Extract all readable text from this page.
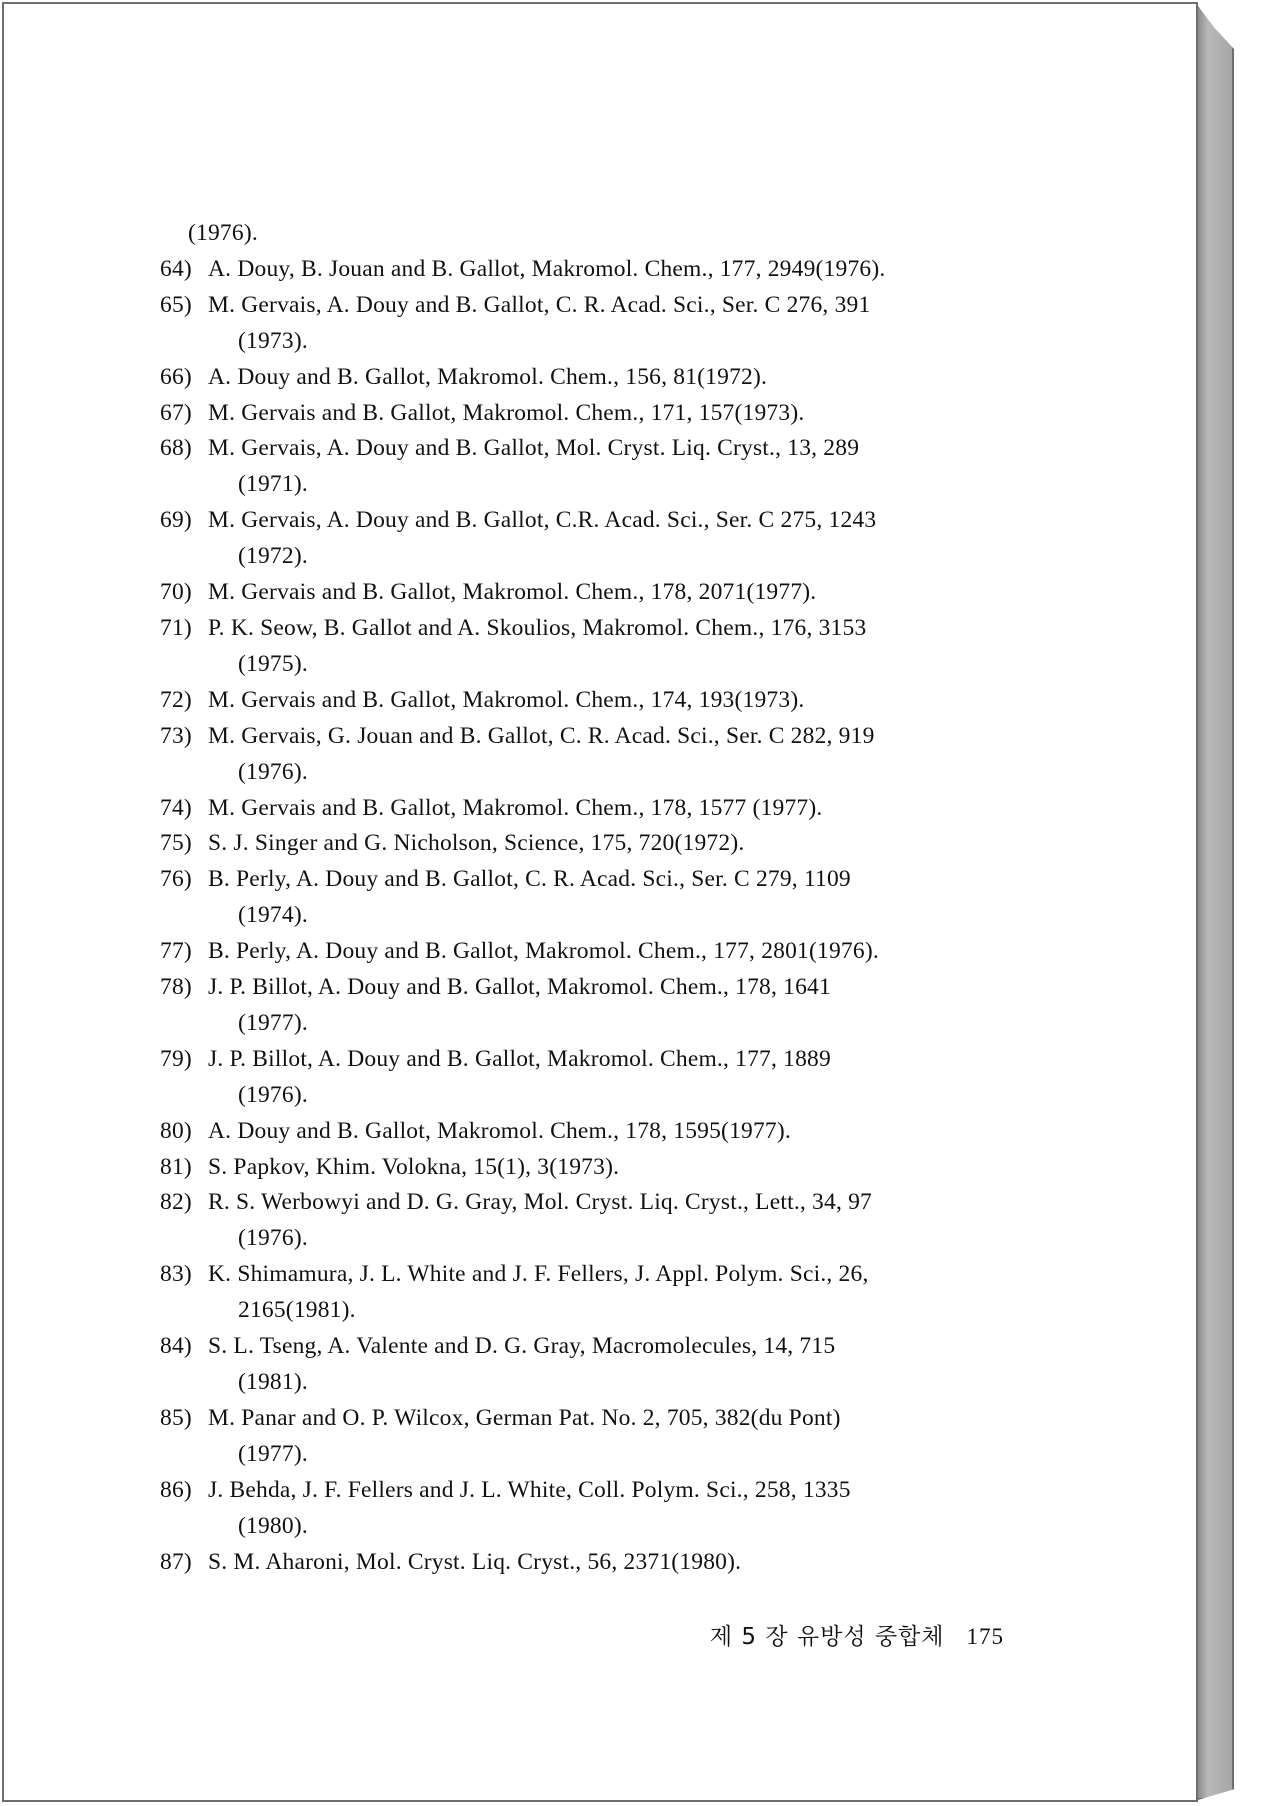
(1976).
64) A. Douy, B. Jouan and B. Gallot, Makromol. Chem., 177, 2949(1976).
65) M. Gervais, A. Douy and B. Gallot, C. R. Acad. Sci., Ser. C 276, 391
(1973).
66) A. Douy and B. Gallot, Makromol. Chem., 156, 81(1972).
67) M. Gervais and B. Gallot, Makromol. Chem., 171, 157(1973).
68) M. Gervais, A. Douy and B. Gallot, Mol. Cryst. Liq. Cryst., 13, 289
(1971).
69) M. Gervais, A. Douy and B. Gallot, C.R. Acad. Sci., Ser. C 275, 1243
(1972).
70) M. Gervais and B. Gallot, Makromol. Chem., 178, 2071(1977).
71) P. K. Seow, B. Gallot and A. Skoulios, Makromol. Chem., 176, 3153
(1975).
72) M. Gervais and B. Gallot, Makromol. Chem., 174, 193(1973).
73) M. Gervais, G. Jouan and B. Gallot, C. R. Acad. Sci., Ser. C 282, 919
(1976).
74) M. Gervais and B. Gallot, Makromol. Chem., 178, 1577 (1977).
75) S. J. Singer and G. Nicholson, Science, 175, 720(1972).
76) B. Perly, A. Douy and B. Gallot, C. R. Acad. Sci., Ser. C 279, 1109
(1974).
77) B. Perly, A. Douy and B. Gallot, Makromol. Chem., 177, 2801(1976).
78) J. P. Billot, A. Douy and B. Gallot, Makromol. Chem., 178, 1641
(1977).
79) J. P. Billot, A. Douy and B. Gallot, Makromol. Chem., 177, 1889
(1976).
80) A. Douy and B. Gallot, Makromol. Chem., 178, 1595(1977).
81) S. Papkov, Khim. Volokna, 15(1), 3(1973).
82) R. S. Werbowyi and D. G. Gray, Mol. Cryst. Liq. Cryst., Lett., 34, 97
(1976).
83) K. Shimamura, J. L. White and J. F. Fellers, J. Appl. Polym. Sci., 26,
2165(1981).
84) S. L. Tseng, A. Valente and D. G. Gray, Macromolecules, 14, 715
(1981).
85) M. Panar and O. P. Wilcox, German Pat. No. 2, 705, 382(du Pont)
(1977).
86) J. Behda, J. F. Fellers and J. L. White, Coll. Polym. Sci., 258, 1335
(1980).
87) S. M. Aharoni, Mol. Cryst. Liq. Cryst., 56, 2371(1980).
제 5 장 유방성 중합체 175
